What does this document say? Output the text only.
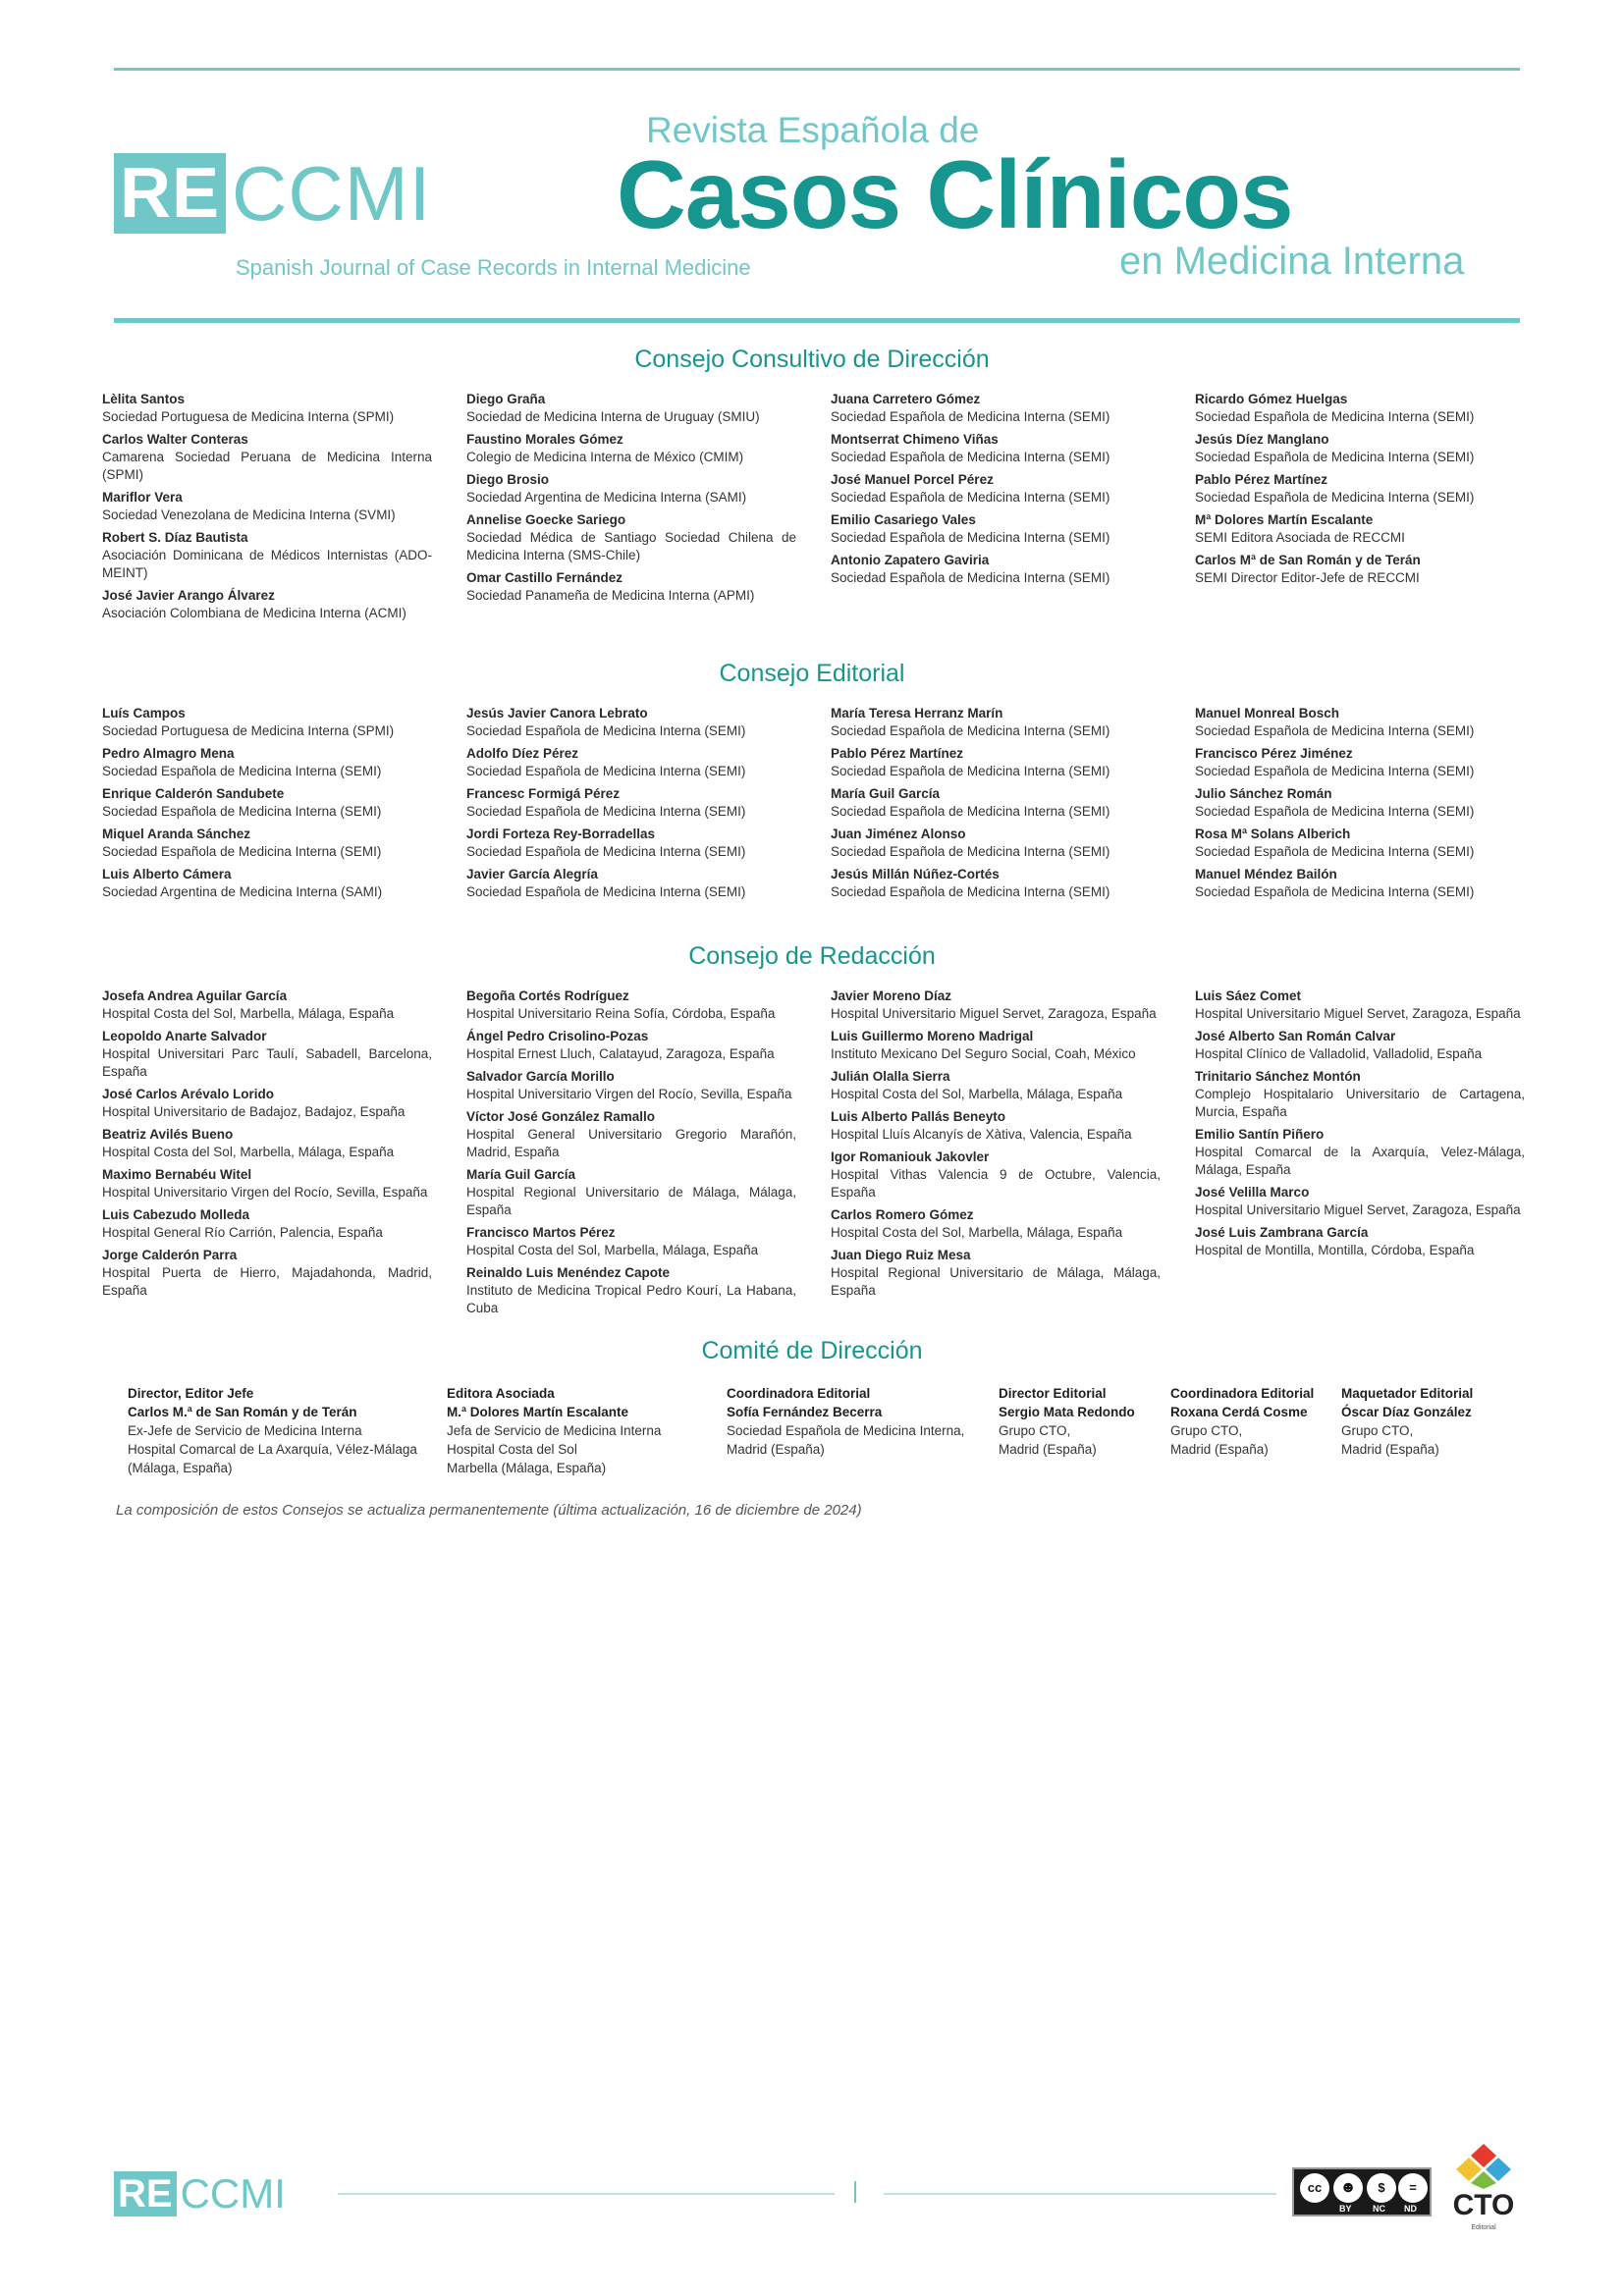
RE CCMI
Spanish Journal of Case Records in Internal Medicine
Revista Española de
Casos Clínicos
en Medicina Interna
Consejo Consultivo de Dirección
Consejo Editorial
Consejo de Redacción
Comité de Dirección
Lèlita Santos
Sociedad Portuguesa de Medicina Interna (SPMI)
Carlos Walter Conteras
Camarena Sociedad Peruana de Medicina Interna (SPMI)
Mariflor Vera
Sociedad Venezolana de Medicina Interna (SVMI)
Robert S. Díaz Bautista
Asociación Dominicana de Médicos Internistas (ADO-MEINT)
José Javier Arango Álvarez
Asociación Colombiana de Medicina Interna (ACMI)
Diego Graña
Sociedad de Medicina Interna de Uruguay (SMIU)
Faustino Morales Gómez
Colegio de Medicina Interna de México (CMIM)
Diego Brosio
Sociedad Argentina de Medicina Interna (SAMI)
Annelise Goecke Sariego
Sociedad Médica de Santiago Sociedad Chilena de Medicina Interna (SMS-Chile)
Omar Castillo Fernández
Sociedad Panameña de Medicina Interna (APMI)
Juana Carretero Gómez
Sociedad Española de Medicina Interna (SEMI)
Montserrat Chimeno Viñas
Sociedad Española de Medicina Interna (SEMI)
José Manuel Porcel Pérez
Sociedad Española de Medicina Interna (SEMI)
Emilio Casariego Vales
Sociedad Española de Medicina Interna (SEMI)
Antonio Zapatero Gaviria
Sociedad Española de Medicina Interna (SEMI)
Ricardo Gómez Huelgas
Sociedad Española de Medicina Interna (SEMI)
Jesús Díez Manglano
Sociedad Española de Medicina Interna (SEMI)
Pablo Pérez Martínez
Sociedad Española de Medicina Interna (SEMI)
Mª Dolores Martín Escalante
SEMI Editora Asociada de RECCMI
Carlos Mª de San Román y de Terán
SEMI Director Editor-Jefe de RECCMI
Luís Campos
Sociedad Portuguesa de Medicina Interna (SPMI)
Pedro Almagro Mena
Sociedad Española de Medicina Interna (SEMI)
Enrique Calderón Sandubete
Sociedad Española de Medicina Interna (SEMI)
Miquel Aranda Sánchez
Sociedad Española de Medicina Interna (SEMI)
Luis Alberto Cámera
Sociedad Argentina de Medicina Interna (SAMI)
Jesús Javier Canora Lebrato
Sociedad Española de Medicina Interna (SEMI)
Adolfo Díez Pérez
Sociedad Española de Medicina Interna (SEMI)
Francesc Formigá Pérez
Sociedad Española de Medicina Interna (SEMI)
Jordi Forteza Rey-Borradellas
Sociedad Española de Medicina Interna (SEMI)
Javier García Alegría
Sociedad Española de Medicina Interna (SEMI)
María Teresa Herranz Marín
Sociedad Española de Medicina Interna (SEMI)
Pablo Pérez Martínez
Sociedad Española de Medicina Interna (SEMI)
María Guil García
Sociedad Española de Medicina Interna (SEMI)
Juan Jiménez Alonso
Sociedad Española de Medicina Interna (SEMI)
Jesús Millán Núñez-Cortés
Sociedad Española de Medicina Interna (SEMI)
Manuel Monreal Bosch
Sociedad Española de Medicina Interna (SEMI)
Francisco Pérez Jiménez
Sociedad Española de Medicina Interna (SEMI)
Julio Sánchez Román
Sociedad Española de Medicina Interna (SEMI)
Rosa Mª Solans Alberich
Sociedad Española de Medicina Interna (SEMI)
Manuel Méndez Bailón
Sociedad Española de Medicina Interna (SEMI)
Josefa Andrea Aguilar García
Hospital Costa del Sol, Marbella, Málaga, España
Leopoldo Anarte Salvador
Hospital Universitari Parc Taulí, Sabadell, Barcelona, España
José Carlos Arévalo Lorido
Hospital Universitario de Badajoz, Badajoz, España
Beatriz Avilés Bueno
Hospital Costa del Sol, Marbella, Málaga, España
Maximo Bernabéu Witel
Hospital Universitario Virgen del Rocío, Sevilla, España
Luis Cabezudo Molleda
Hospital General Río Carrión, Palencia, España
Jorge Calderón Parra
Hospital Puerta de Hierro, Majadahonda, Madrid, España
Begoña Cortés Rodríguez
Hospital Universitario Reina Sofía, Córdoba, España
Ángel Pedro Crisolino-Pozas
Hospital Ernest Lluch, Calatayud, Zaragoza, España
Salvador García Morillo
Hospital Universitario Virgen del Rocío, Sevilla, España
Víctor José González Ramallo
Hospital General Universitario Gregorio Marañón, Madrid, España
María Guil García
Hospital Regional Universitario de Málaga, Málaga, España
Francisco Martos Pérez
Hospital Costa del Sol, Marbella, Málaga, España
Reinaldo Luis Menéndez Capote
Instituto de Medicina Tropical Pedro Kourí, La Habana, Cuba
Javier Moreno Díaz
Hospital Universitario Miguel Servet, Zaragoza, España
Luis Guillermo Moreno Madrigal
Instituto Mexicano Del Seguro Social, Coah, México
Julián Olalla Sierra
Hospital Costa del Sol, Marbella, Málaga, España
Luis Alberto Pallás Beneyto
Hospital Lluís Alcanyís de Xàtiva, Valencia, España
Igor Romaniouk Jakovler
Hospital Vithas Valencia 9 de Octubre, Valencia, España
Carlos Romero Gómez
Hospital Costa del Sol, Marbella, Málaga, España
Juan Diego Ruiz Mesa
Hospital Regional Universitario de Málaga, Málaga, España
Luis Sáez Comet
Hospital Universitario Miguel Servet, Zaragoza, España
José Alberto San Román Calvar
Hospital Clínico de Valladolid, Valladolid, España
Trinitario Sánchez Montón
Complejo Hospitalario Universitario de Cartagena, Murcia, España
Emilio Santín Piñero
Hospital Comarcal de la Axarquía, Velez-Málaga, Málaga, España
José Velilla Marco
Hospital Universitario Miguel Servet, Zaragoza, España
José Luis Zambrana García
Hospital de Montilla, Montilla, Córdoba, España
Director, Editor Jefe
Carlos M.ª de San Román y de Terán
Ex-Jefe de Servicio de Medicina Interna
Hospital Comarcal de La Axarquía, Vélez-Málaga
(Málaga, España)
Editora Asociada
M.ª Dolores Martín Escalante
Jefa de Servicio de Medicina Interna
Hospital Costa del Sol
Marbella (Málaga, España)
Coordinadora Editorial
Sofía Fernández Becerra
Sociedad Española de Medicina Interna,
Madrid (España)
Director Editorial
Sergio Mata Redondo
Grupo CTO,
Madrid (España)
Coordinadora Editorial
Roxana Cerdá Cosme
Grupo CTO,
Madrid (España)
Maquetador Editorial
Óscar Díaz González
Grupo CTO,
Madrid (España)
La composición de estos Consejos se actualiza permanentemente (última actualización, 16 de diciembre de 2024)
RE CCMI	cc	☻	$	=
BY NC ND CTO
Editorial
